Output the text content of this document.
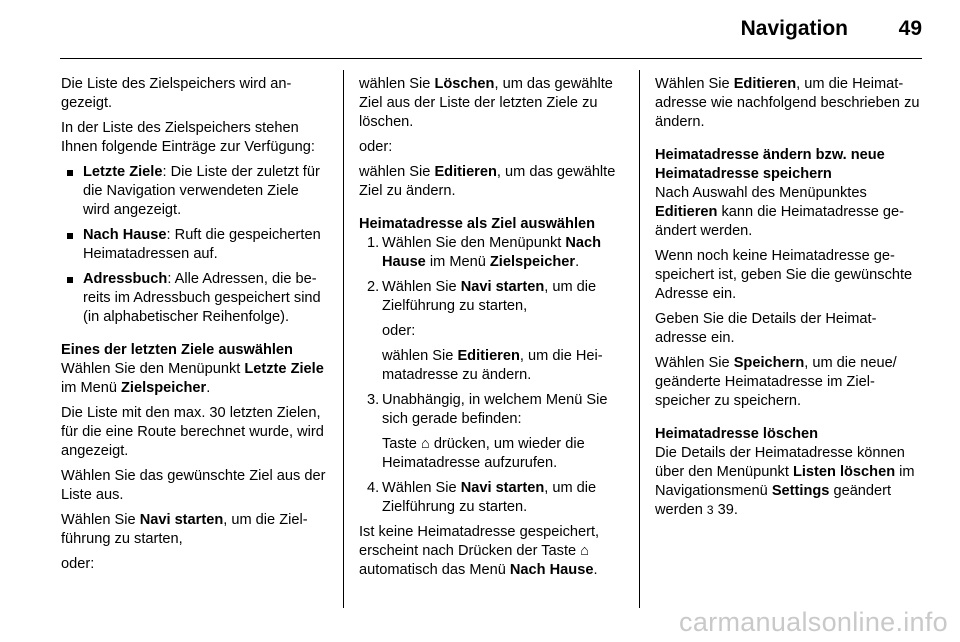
Navigation 49

Die Liste des Zielspeichers wird angezeigt.

In der Liste des Zielspeichers stehen Ihnen folgende Einträge zur Verfügung:

Letzte Ziele: Die Liste der zuletzt für die Navigation verwendeten Ziele wird angezeigt.
Nach Hause: Ruft die gespeicherten Heimatadressen auf.
Adressbuch: Alle Adressen, die bereits im Adressbuch gespeichert sind (in alphabetischer Reihenfolge).

Eines der letzten Ziele auswählen

Wählen Sie den Menüpunkt Letzte Ziele im Menü Zielspeicher.

Die Liste mit den max. 30 letzten Zielen, für die eine Route berechnet wurde, wird angezeigt.

Wählen Sie das gewünschte Ziel aus der Liste aus.

Wählen Sie Navi starten, um die Zielführung zu starten,

oder:

wählen Sie Löschen, um das gewählte Ziel aus der Liste der letzten Ziele zu löschen.

oder:

wählen Sie Editieren, um das gewählte Ziel zu ändern.

Heimatadresse als Ziel auswählen

1. Wählen Sie den Menüpunkt Nach Hause im Menü Zielspeicher.
2. Wählen Sie Navi starten, um die Zielführung zu starten,

oder:

wählen Sie Editieren, um die Heimatadresse zu ändern.

3. Unabhängig, in welchem Menü Sie sich gerade befinden:

Taste ⌂ drücken, um wieder die Heimatadresse aufzurufen.

4. Wählen Sie Navi starten, um die Zielführung zu starten.

Ist keine Heimatadresse gespeichert, erscheint nach Drücken der Taste ⌂ automatisch das Menü Nach Hause.

Wählen Sie Editieren, um die Heimatadresse wie nachfolgend beschrieben zu ändern.

Heimatadresse ändern bzw. neue Heimatadresse speichern

Nach Auswahl des Menüpunktes Editieren kann die Heimatadresse geändert werden.

Wenn noch keine Heimatadresse gespeichert ist, geben Sie die gewünschte Adresse ein.

Geben Sie die Details der Heimatadresse ein.

Wählen Sie Speichern, um die neue/ geänderte Heimatadresse im Zielspeicher zu speichern.

Heimatadresse löschen

Die Details der Heimatadresse können über den Menüpunkt Listen löschen im Navigationsmenü Settings geändert werden 3 39.

carmanualsonline.info
